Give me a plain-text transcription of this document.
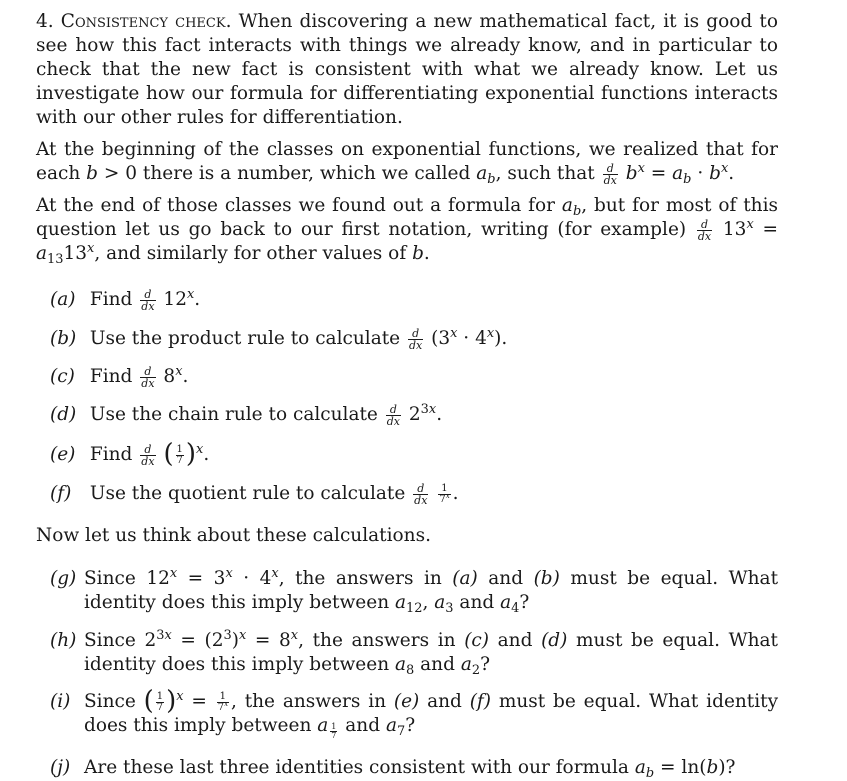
4. Consistency check. When discovering a new mathematical fact, it is good to see how this fact interacts with things we already know, and in particular to check that the new fact is consistent with what we already know. Let us investigate how our formula for differentiating exponential functions interacts with our other rules for differentiation.

At the beginning of the classes on exponential functions, we realized that for each b > 0 there is a number, which we called $a_b$, such that $\frac{d}{dx} b^x = a_b \cdot b^x$.

At the end of those classes we found out a formula for $a_b$, but for most of this question let us go back to our first notation, writing (for example) $\frac{d}{dx} 13^x = a_{13}13^x$, and similarly for other values of b.

(a) Find $\frac{d}{dx} 12^x$.
(b) Use the product rule to calculate $\frac{d}{dx} (3^x \cdot 4^x)$.
(c) Find $\frac{d}{dx} 8^x$.
(d) Use the chain rule to calculate $\frac{d}{dx} 2^{3x}$.
(e) Find $\frac{d}{dx}$ ( $\frac{1}{7} )^x$.
(f) Use the quotient rule to calculate $\frac{d}{dx}$
$\frac{1}{7^x}$ .
Now let us think about these calculations.
(g) Since $12^x = 3^x \cdot 4^x$, the answers in (a) and (b) must be equal. What identity does this imply between $a_{12}$, $a_3$ and $a_4$?
(h) Since $2^{3x} = (2^3)^x = 8^x$, the answers in (c) and (d) must be equal. What identity does this imply between $a_8$ and $a_2$?
(i) Since ( $\frac{1}{7} )^x = \frac{1}{7^x}$ , the answers in (e) and (f) must be equal. What identity does this imply between a $_{\frac{1}{7}}$ and $a_7$?
(j) Are these last three identities consistent with our formula $a_b = \ln(b)$?
